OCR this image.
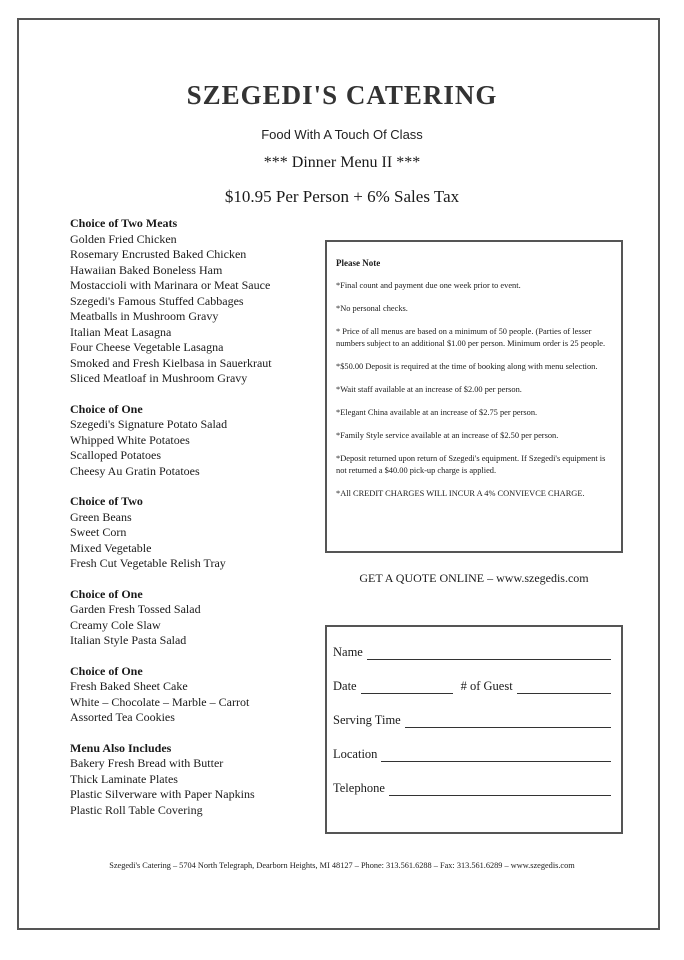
SZEGEDI'S CATERING
Food With A Touch Of Class
*** Dinner Menu II ***
$10.95 Per Person + 6% Sales Tax
Choice of Two Meats
Golden Fried Chicken
Rosemary Encrusted Baked Chicken
Hawaiian Baked Boneless Ham
Mostaccioli with Marinara or Meat Sauce
Szegedi's Famous Stuffed Cabbages
Meatballs in Mushroom Gravy
Italian Meat Lasagna
Four Cheese Vegetable Lasagna
Smoked and Fresh Kielbasa in Sauerkraut
Sliced Meatloaf in Mushroom Gravy
Choice of One
Szegedi's Signature Potato Salad
Whipped White Potatoes
Scalloped Potatoes
Cheesy Au Gratin Potatoes
Choice of Two
Green Beans
Sweet Corn
Mixed Vegetable
Fresh Cut Vegetable Relish Tray
Choice of One
Garden Fresh Tossed Salad
Creamy Cole Slaw
Italian Style Pasta Salad
Choice of One
Fresh Baked Sheet Cake
White – Chocolate – Marble – Carrot
Assorted Tea Cookies
Menu Also Includes
Bakery Fresh Bread with Butter
Thick Laminate Plates
Plastic Silverware with Paper Napkins
Plastic Roll Table Covering
Please Note
*Final count and payment due one week prior to event.
*No personal checks.
* Price of all menus are based on a minimum of 50 people. (Parties of lesser numbers subject to an additional $1.00 per person. Minimum order is 25 people.
*$50.00 Deposit is required at the time of booking along with menu selection.
*Wait staff available at an increase of $2.00 per person.
*Elegant China available at an increase of $2.75 per person.
*Family Style service available at an increase of $2.50 per person.
*Deposit returned upon return of Szegedi's equipment. If Szegedi's equipment is not returned a $40.00 pick-up charge is applied.
*All CREDIT CHARGES WILL INCUR A 4% CONVIEVCE CHARGE.
GET A QUOTE ONLINE – www.szegedis.com
Name
Date	# of Guest
Serving Time
Location
Telephone
Szegedi's Catering – 5704 North Telegraph, Dearborn Heights, MI 48127 – Phone: 313.561.6288 – Fax: 313.561.6289 – www.szegedis.com
